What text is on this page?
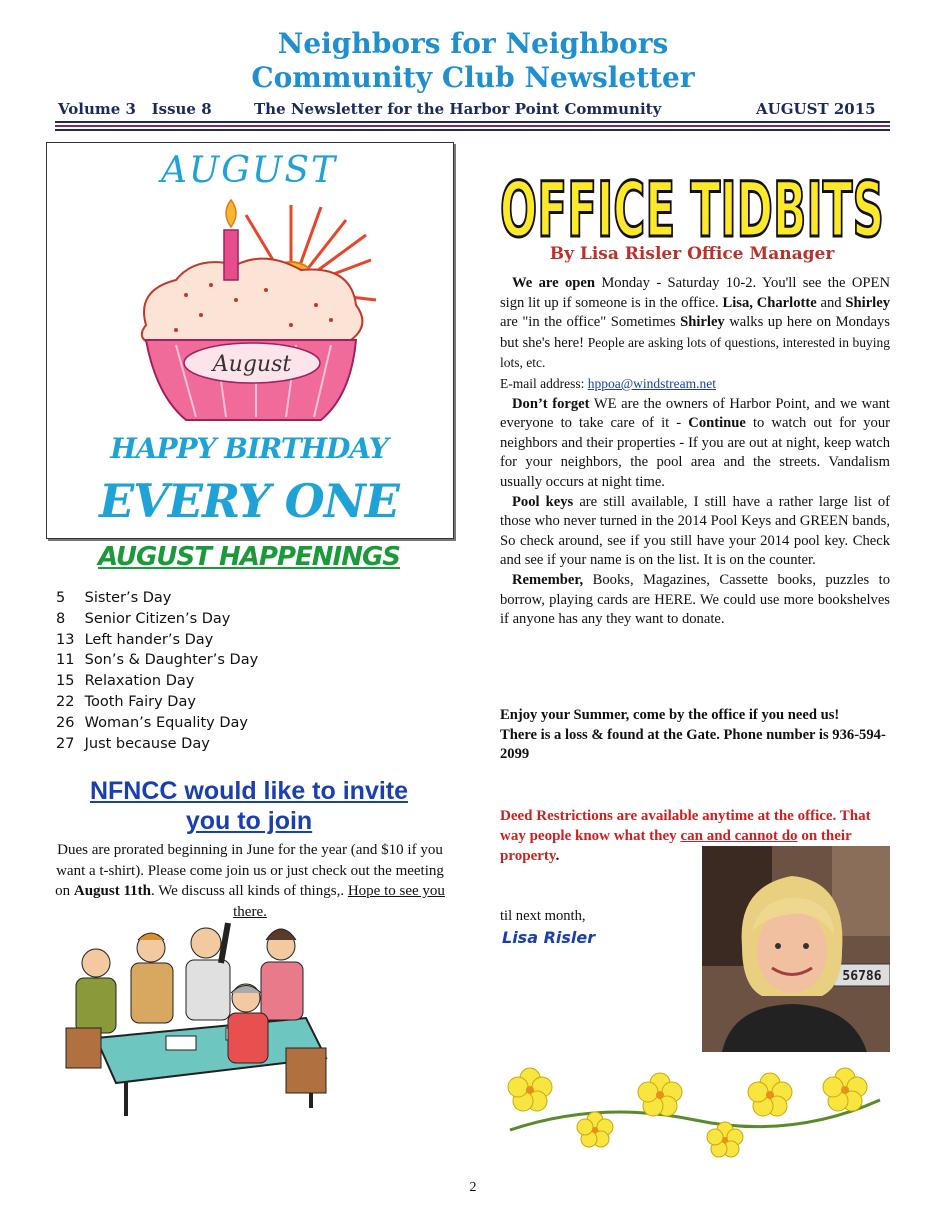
Neighbors for Neighbors
Community Club Newsletter
Volume 3 Issue 8	The Newsletter for the Harbor Point Community	AUGUST 2015
AUGUST
August
HAPPY BIRTHDAY
EVERY ONE
AUGUST HAPPENINGS
5 Sister’s Day
8 Senior Citizen’s Day
13 Left hander’s Day
11 Son’s & Daughter’s Day
15 Relaxation Day
22 Tooth Fairy Day
26 Woman’s Equality Day
27 Just because Day
NFNCC would like to invite
you to join
Dues are prorated beginning in June for the year (and $10 if you want a t-shirt). Please come join us or just check out the meeting on August 11th. We discuss all kinds of things,. Hope to see you there.
OFFICE TIDBITS
By Lisa Risler Office Manager

We are open Monday - Saturday 10-2. You'll see the OPEN sign lit up if someone is in the office. Lisa, Charlotte and Shirley are "in the office" Sometimes Shirley walks up here on Mondays but she's here! People are asking lots of questions, interested in buying lots, etc.

E-mail address: hppoa@windstream.net

Don’t forget WE are the owners of Harbor Point, and we want everyone to take care of it - Continue to watch out for your neighbors and their properties - If you are out at night, keep watch for your neighbors, the pool area and the streets. Vandalism usually occurs at night time.

Pool keys are still available, I still have a rather large list of those who never turned in the 2014 Pool Keys and GREEN bands, So check around, see if you still have your 2014 pool key. Check and see if your name is on the list. It is on the counter.

Remember, Books, Magazines, Cassette books, puzzles to borrow, playing cards are HERE. We could use more bookshelves if anyone has any they want to donate.

Enjoy your Summer, come by the office if you need us!
There is a loss & found at the Gate. Phone number is 936-594-2099
Deed Restrictions are available anytime at the office. That way people know what they can and cannot do on their property.
til next month,
Lisa Risler
56786
2
